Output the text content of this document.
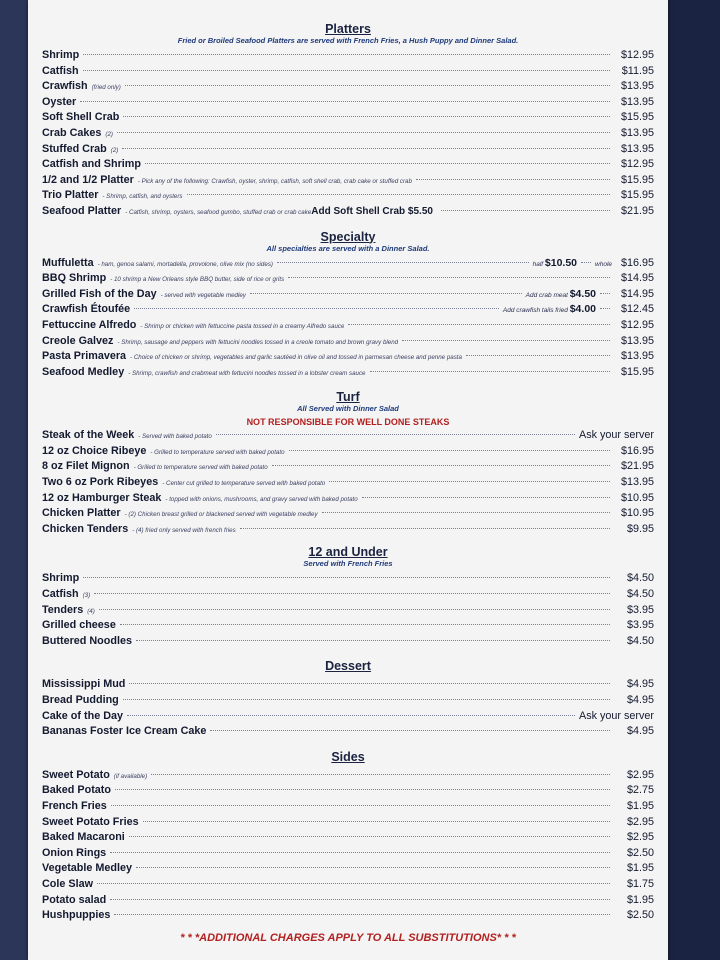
Platters
Fried or Broiled Seafood Platters are served with French Fries, a Hush Puppy and Dinner Salad.
Shrimp	$12.95
Catfish	$11.95
Crawfish (fried only)	$13.95
Oyster	$13.95
Soft Shell Crab	$15.95
Crab Cakes (2)	$13.95
Stuffed Crab (2)	$13.95
Catfish and Shrimp	$12.95
1/2 and 1/2 Platter - Pick any of the following: Crawfish, oyster, shrimp, catfish, soft shell crab, crab cake or stuffed crab	$15.95
Trio Platter - Shrimp, catfish, and oysters	$15.95
Seafood Platter - Catfish, shrimp, oysters, seafood gumbo, stuffed crab or crab cake Add Soft Shell Crab $5.50	$21.95
Specialty
All specialties are served with a Dinner Salad.
Muffuletta - ham, genoa salami, mortadella, provolone, olive mix (no sides)	half $10.50	whole $16.95
BBQ Shrimp - 10 shrimp a New Orleans style BBQ butter, side of rice or grits	$14.95
Grilled Fish of the Day - served with vegetable medley	Add crab meat $4.50	$14.95
Crawfish Étoufée	Add crawfish tails fried $4.00	$12.45
Fettuccine Alfredo - Shrimp or chicken with fettuccine pasta tossed in a creamy Alfredo sauce	$12.95
Creole Galvez - Shrimp, sausage and peppers with fettucini noodles tossed in a creole tomato and brown gravy blend	$13.95
Pasta Primavera - Choice of chicken or shrimp, vegetables and garlic sautéed in olive oil and tossed in parmesan cheese and penne pasta	$13.95
Seafood Medley - Shrimp, crawfish and crabmeat with fettucini noodles tossed in a lobster cream sauce	$15.95
Turf
All Served with Dinner Salad
NOT RESPONSIBLE FOR WELL DONE STEAKS
Steak of the Week - Served with baked potato	Ask your server
12 oz Choice Ribeye - Grilled to temperature served with baked potato	$16.95
8 oz Filet Mignon - Grilled to temperature served with baked potato	$21.95
Two 6 oz Pork Ribeyes - Center cut grilled to temperature served with baked potato	$13.95
12 oz Hamburger Steak - topped with onions, mushrooms, and gravy served with baked potato	$10.95
Chicken Platter - (2) Chicken breast grilled or blackened served with vegetable medley	$10.95
Chicken Tenders - (4) fried only served with french fries	$9.95
12 and Under
Served with French Fries
Shrimp	$4.50
Catfish (3)	$4.50
Tenders (4)	$3.95
Grilled cheese	$3.95
Buttered Noodles	$4.50
Dessert
Mississippi Mud	$4.95
Bread Pudding	$4.95
Cake of the Day	Ask your server
Bananas Foster Ice Cream Cake	$4.95
Sides
Sweet Potato (if available)	$2.95
Baked Potato	$2.75
French Fries	$1.95
Sweet Potato Fries	$2.95
Baked Macaroni	$2.95
Onion Rings	$2.50
Vegetable Medley	$1.95
Cole Slaw	$1.75
Potato salad	$1.95
Hushpuppies	$2.50
* * *ADDITIONAL CHARGES APPLY TO ALL SUBSTITUTIONS* * *
